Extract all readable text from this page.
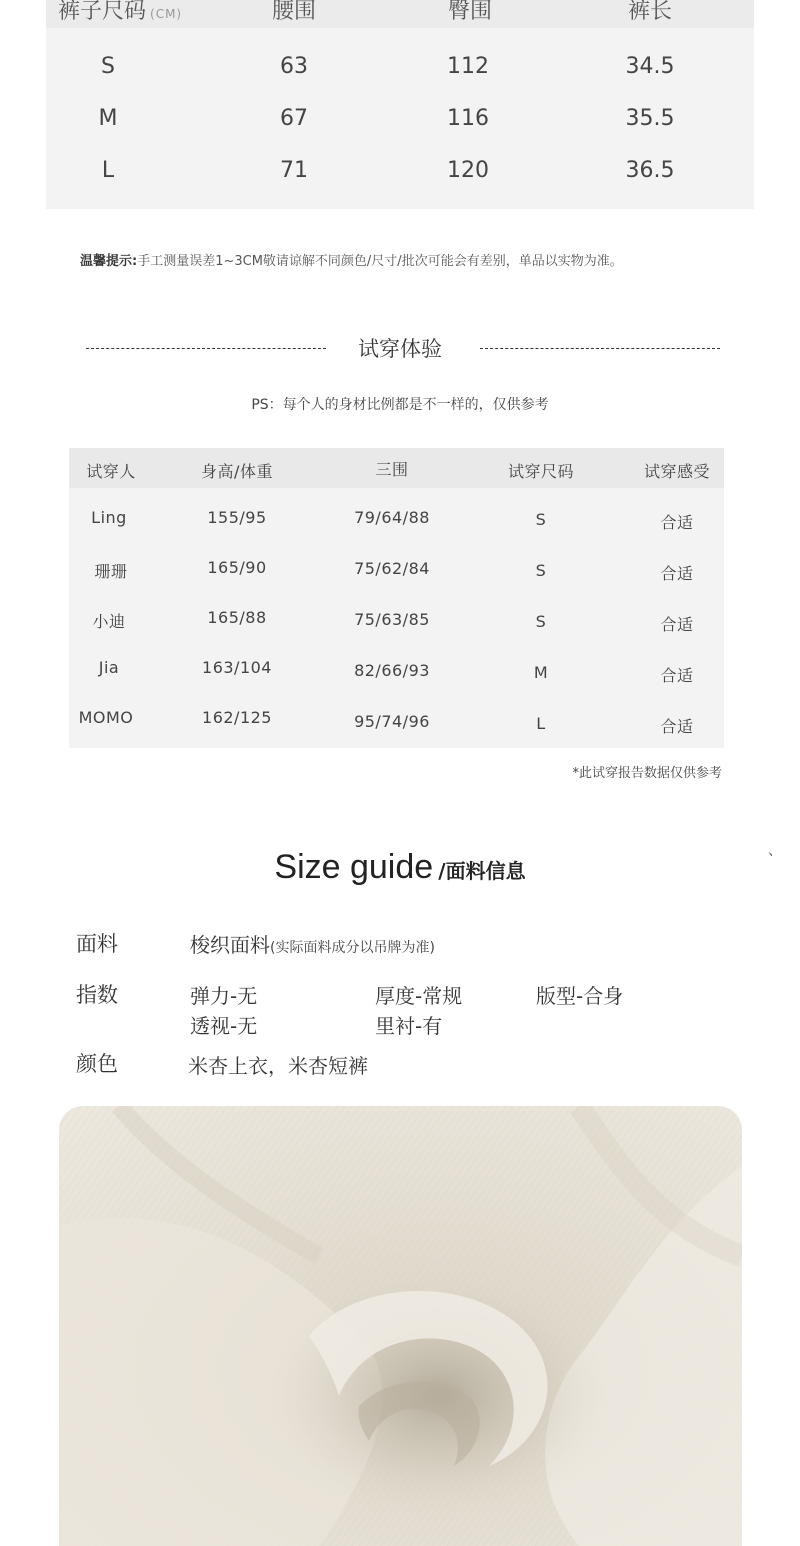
裤子尺码 (CM)	腰围	臀围	裤长
S	63	112	34.5
M	67	116	35.5
L	71	120	36.5
温馨提示:手工测量误差1~3CM敬请谅解不同颜色/尺寸/批次可能会有差别，单品以实物为准。
试穿体验
PS：每个人的身材比例都是不一样的，仅供参考
试穿人	身高/体重	三围	试穿尺码	试穿感受
Ling	155/95	79/64/88	S	合适
珊珊	165/90	75/62/84	S	合适
小迪	165/88	75/63/85	S	合适
Jia	163/104	82/66/93	M	合适
MOMO	162/125	95/74/96	L	合适
*此试穿报告数据仅供参考
、
Size guide /面料信息
面料	梭织面料(实际面料成分以吊牌为准)
指数	弹力-无	厚度-常规	版型-合身
透视-无	里衬-有
颜色	米杏上衣，米杏短裤
